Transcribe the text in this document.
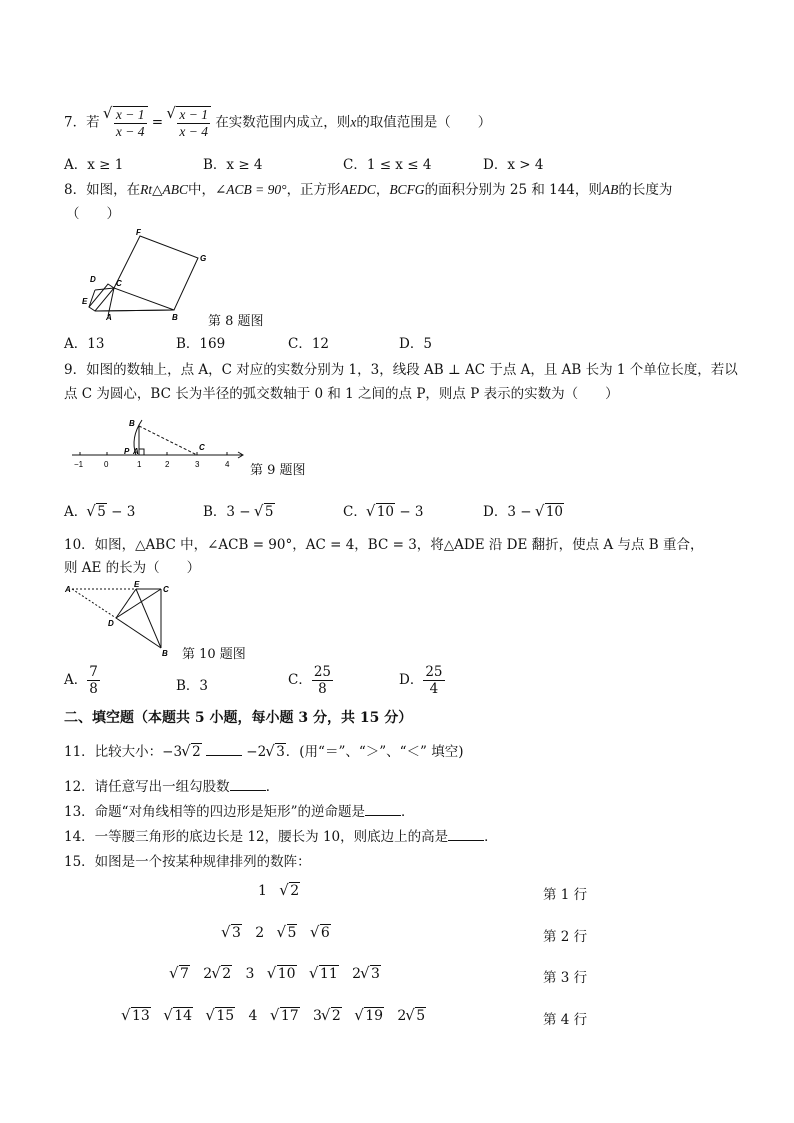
7．若 √ $\frac{x - 1}{x - 4}$ = √ $\frac{x - 1}{x - 4}$ 在实数范围内成立，则x的取值范围是（　　）
A．x ≥ 1	B．x ≥ 4	C．1 ≤ x ≤ 4	D．x > 4
8．如图，在Rt△ABC中，∠ACB = 90°，正方形AEDC，BCFG的面积分别为 25 和 144，则AB的长度为
（　　）
F
G
D	C
E
A	B 第 8 题图
A．13	B．169	C．12	D．5
9．如图的数轴上，点 A，C 对应的实数分别为 1，3，线段 AB ⊥ AC 于点 A，且 AB 长为 1 个单位长度，若以
点 C 为圆心，BC 长为半径的弧交数轴于 0 和 1 之间的点 P，则点 P 表示的实数为（　　）
B
P A	C
−1	0	1	2	3	4 第 9 题图
A． √ 5 − 3	B．3 − √ 5	C． √ 10 − 3	D．3 − √ 10
10．如图，△ABC 中，∠ACB = 90°，AC = 4，BC = 3，将△ADE 沿 DE 翻折，使点 A 与点 B 重合，
则 AE 的长为（　　）
A
E
C
D
B 第 10 题图
A． $\frac{7}{8}$	B．3	C． $\frac{25}{8}$	D． $\frac{25}{4}$
二、填空题（本题共 5 小题，每小题 3 分，共 15 分）
11．比较大小：−3 √ 2	−2 √ 3．(用“＝”、“＞”、“＜” 填空)
12．请任意写出一组勾股数	．
13．命题“对角线相等的四边形是矩形”的逆命题是	．
14．一等腰三角形的底边长是 12，腰长为 10，则底边上的高是	．
15．如图是一个按某种规律排列的数阵：
1   √ 2	第 1 行
√ 3   2   √ 5 √ 6	第 2 行
√ 7   2 √ 2   3   √ 10 √ 11   2 √ 3	第 3 行
√ 13 √ 14 √ 15   4   √ 17   3 √ 2 √ 19   2 √ 5	第 4 行
